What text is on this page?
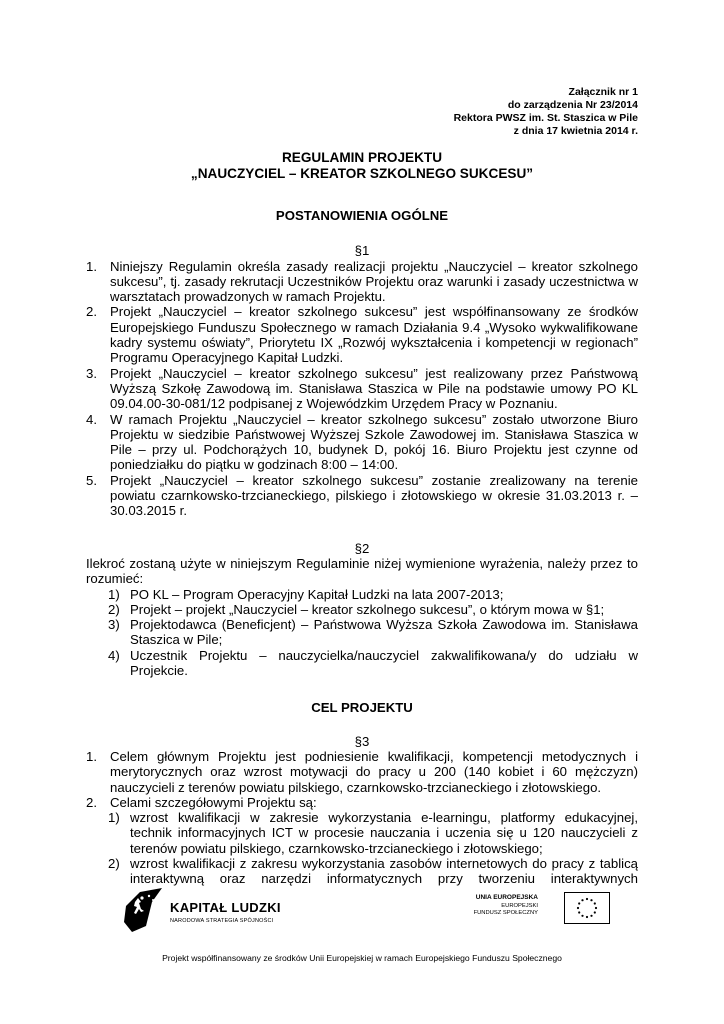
Załącznik nr 1
do zarządzenia Nr 23/2014
Rektora PWSZ im. St. Staszica w Pile
z dnia 17 kwietnia 2014 r.
REGULAMIN PROJEKTU
„NAUCZYCIEL – KREATOR SZKOLNEGO SUKCESU”
POSTANOWIENIA OGÓLNE
§1
1. Niniejszy Regulamin określa zasady realizacji projektu „Nauczyciel – kreator szkolnego sukcesu”, tj. zasady rekrutacji Uczestników Projektu oraz warunki i zasady uczestnictwa w warsztatach prowadzonych w ramach Projektu.
2. Projekt „Nauczyciel – kreator szkolnego sukcesu” jest współfinansowany ze środków Europejskiego Funduszu Społecznego w ramach Działania 9.4 „Wysoko wykwalifikowane kadry systemu oświaty”, Priorytetu IX „Rozwój wykształcenia i kompetencji w regionach” Programu Operacyjnego Kapitał Ludzki.
3. Projekt „Nauczyciel – kreator szkolnego sukcesu” jest realizowany przez Państwową Wyższą Szkołę Zawodową im. Stanisława Staszica w Pile na podstawie umowy PO KL 09.04.00-30-081/12 podpisanej z Wojewódzkim Urzędem Pracy w Poznaniu.
4. W ramach Projektu „Nauczyciel – kreator szkolnego sukcesu” zostało utworzone Biuro Projektu w siedzibie Państwowej Wyższej Szkole Zawodowej im. Stanisława Staszica w Pile – przy ul. Podchorążych 10, budynek D, pokój 16. Biuro Projektu jest czynne od poniedziałku do piątku w godzinach 8:00 – 14:00.
5. Projekt „Nauczyciel – kreator szkolnego sukcesu” zostanie zrealizowany na terenie powiatu czarnkowsko-trzcianeckiego, pilskiego i złotowskiego w okresie 31.03.2013 r. – 30.03.2015 r.
§2
Ilekroć zostaną użyte w niniejszym Regulaminie niżej wymienione wyrażenia, należy przez to rozumieć:
1) PO KL – Program Operacyjny Kapitał Ludzki na lata 2007-2013;
2) Projekt – projekt „Nauczyciel – kreator szkolnego sukcesu”, o którym mowa w §1;
3) Projektodawca (Beneficjent) – Państwowa Wyższa Szkoła Zawodowa im. Stanisława Staszica w Pile;
4) Uczestnik Projektu – nauczycielka/nauczyciel zakwalifikowana/y do udziału w Projekcie.
CEL PROJEKTU
§3
1. Celem głównym Projektu jest podniesienie kwalifikacji, kompetencji metodycznych i merytorycznych oraz wzrost motywacji do pracy u 200 (140 kobiet i 60 mężczyzn) nauczycieli z terenów powiatu pilskiego, czarnkowsko-trzcianeckiego i złotowskiego.
2. Celami szczegółowymi Projektu są:
1) wzrost kwalifikacji w zakresie wykorzystania e-learningu, platformy edukacyjnej, technik informacyjnych ICT w procesie nauczania i uczenia się u 120 nauczycieli z terenów powiatu pilskiego, czarnkowsko-trzcianeckiego i złotowskiego;
2) wzrost kwalifikacji z zakresu wykorzystania zasobów internetowych do pracy z tablicą interaktywną oraz narzędzi informatycznych przy tworzeniu interaktywnych
KAPITAŁ LUDZKI
NARODOWA STRATEGIA SPÓJNOŚCI
UNIA EUROPEJSKA
EUROPEJSKI
FUNDUSZ SPOŁECZNY
Projekt współfinansowany ze środków Unii Europejskiej w ramach Europejskiego Funduszu Społecznego
